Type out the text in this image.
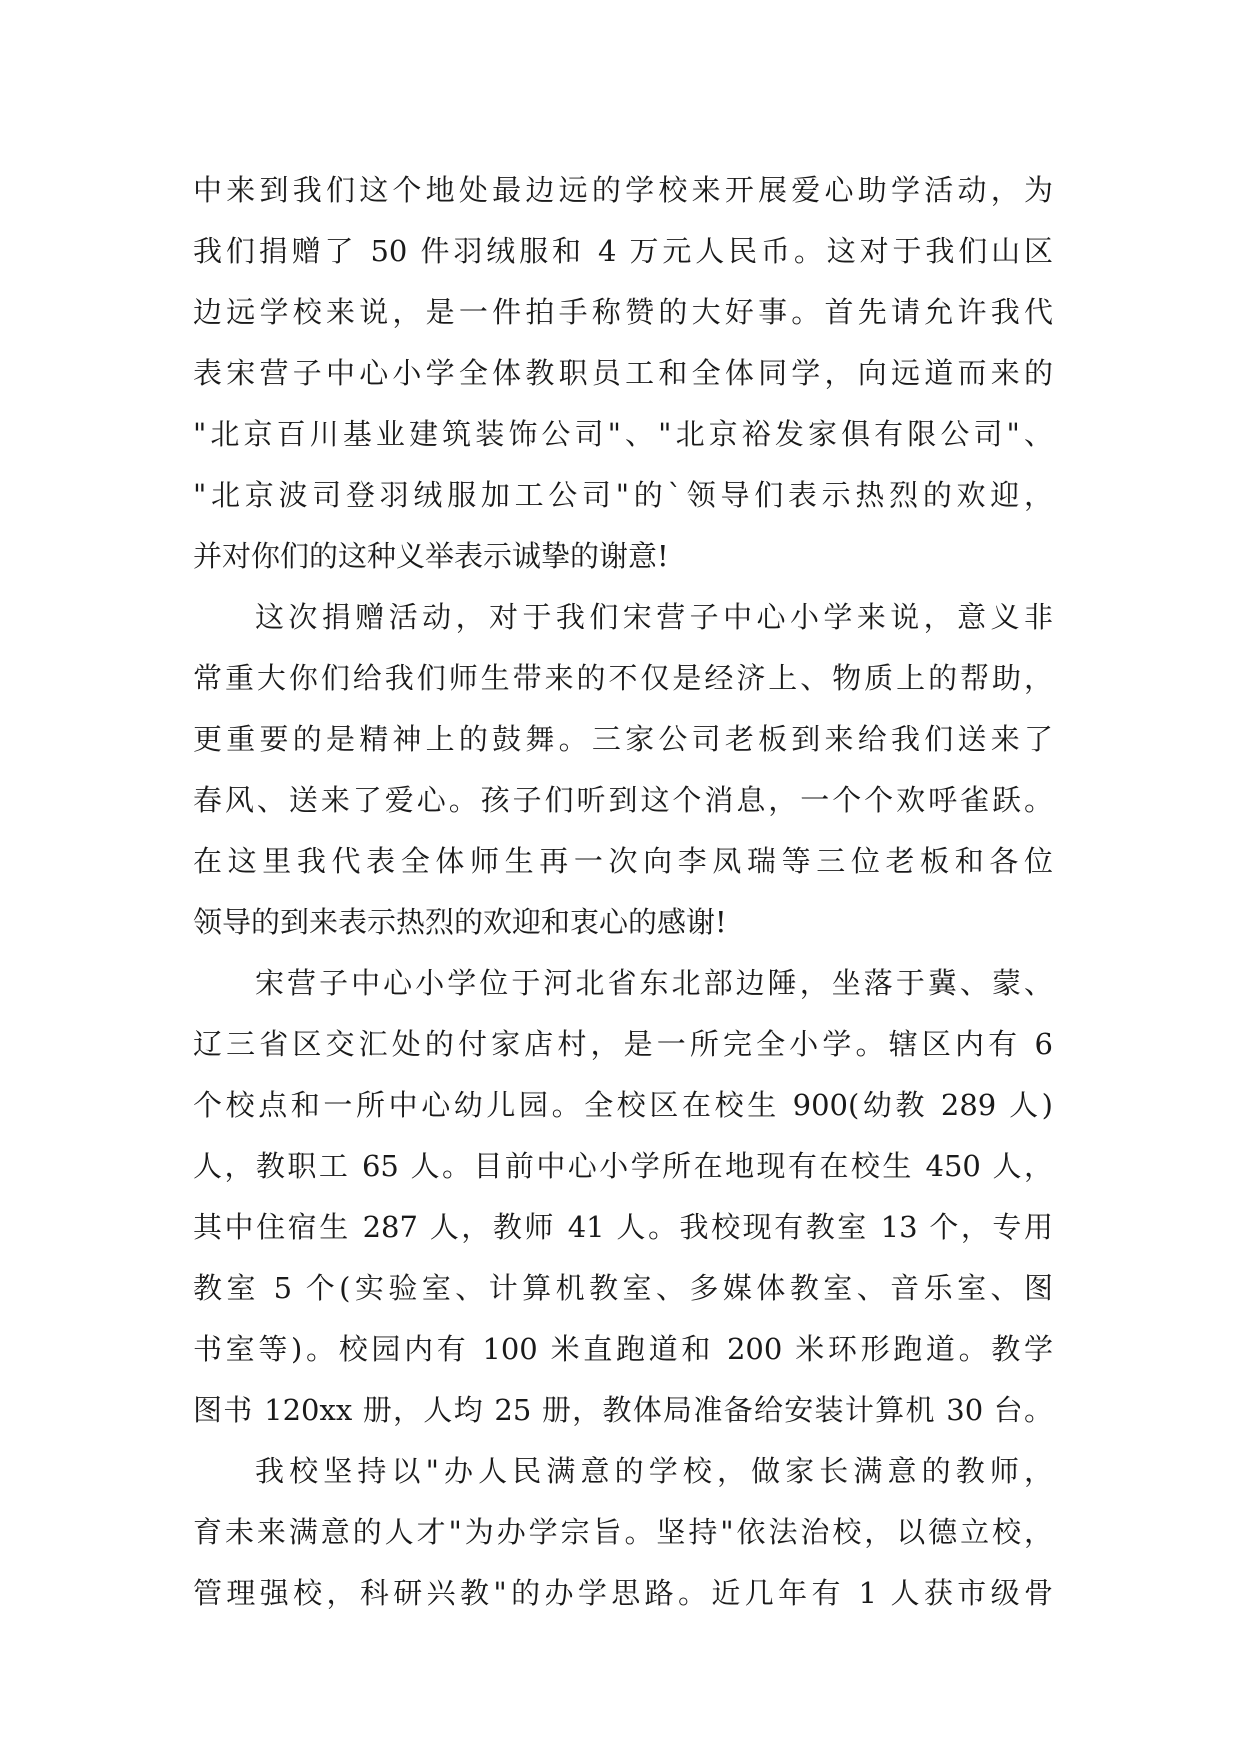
中来到我们这个地处最边远的学校来开展爱心助学活动，为
我们捐赠了 50 件羽绒服和 4 万元人民币。这对于我们山区
边远学校来说，是一件拍手称赞的大好事。首先请允许我代
表宋营子中心小学全体教职员工和全体同学，向远道而来的
"北京百川基业建筑装饰公司"、"北京裕发家俱有限公司"、
"北京波司登羽绒服加工公司"的`领导们表示热烈的欢迎，
并对你们的这种义举表示诚挚的谢意!
这次捐赠活动，对于我们宋营子中心小学来说，意义非
常重大你们给我们师生带来的不仅是经济上、物质上的帮助，
更重要的是精神上的鼓舞。三家公司老板到来给我们送来了
春风、送来了爱心。孩子们听到这个消息，一个个欢呼雀跃。
在这里我代表全体师生再一次向李凤瑞等三位老板和各位
领导的到来表示热烈的欢迎和衷心的感谢!
宋营子中心小学位于河北省东北部边陲，坐落于冀、蒙、
辽三省区交汇处的付家店村，是一所完全小学。辖区内有 6
个校点和一所中心幼儿园。全校区在校生 900(幼教 289 人)
人，教职工 65 人。目前中心小学所在地现有在校生 450 人，
其中住宿生 287 人，教师 41 人。我校现有教室 13 个，专用
教室 5 个(实验室、计算机教室、多媒体教室、音乐室、图
书室等)。校园内有 100 米直跑道和 200 米环形跑道。教学
图书 120xx 册，人均 25 册，教体局准备给安装计算机 30 台。
我校坚持以"办人民满意的学校，做家长满意的教师，
育未来满意的人才"为办学宗旨。坚持"依法治校，以德立校，
管理强校，科研兴教"的办学思路。近几年有 1 人获市级骨
